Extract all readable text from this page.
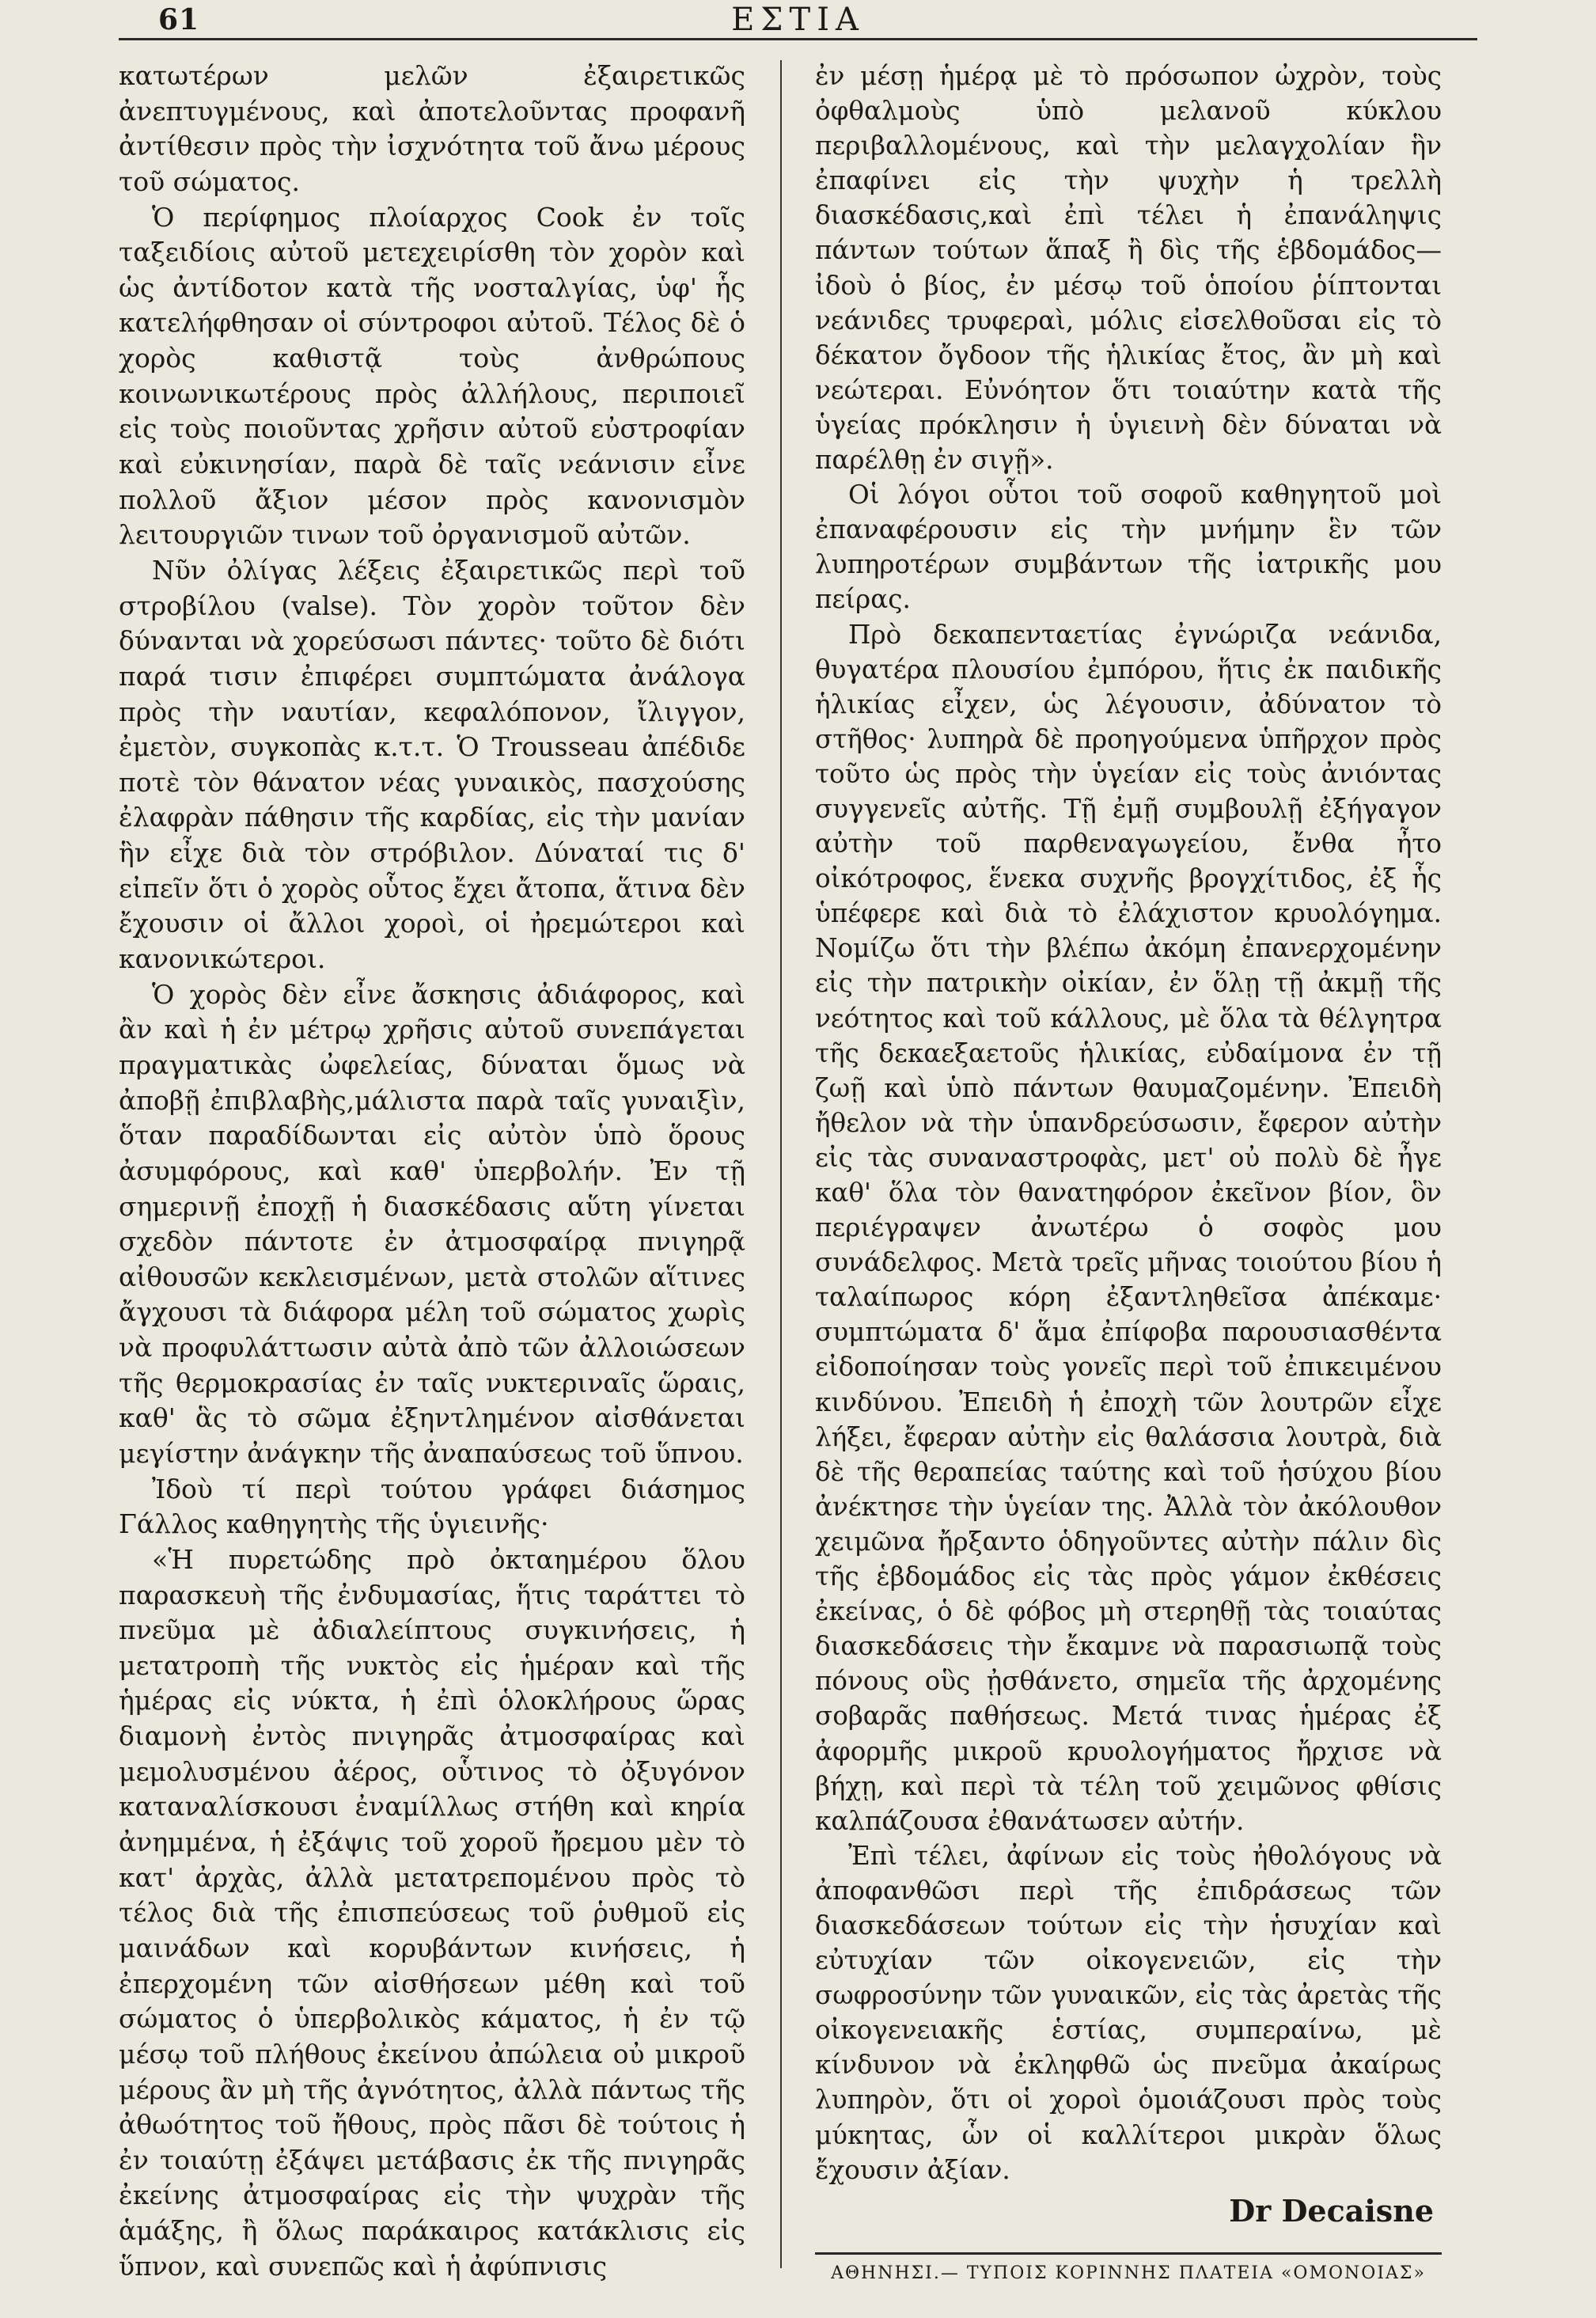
61	ΕΣΤΙΑ

κατωτέρων μελῶν ἐξαιρετικῶς ἀνεπτυγμένους, καὶ ἀποτελοῦντας προφανῆ ἀντίθεσιν πρὸς τὴν ἰσχνότητα τοῦ ἄνω μέρους τοῦ σώματος.

Ὁ περίφημος πλοίαρχος Cook ἐν τοῖς ταξειδίοις αὐτοῦ μετεχειρίσθη τὸν χορὸν καὶ ὡς ἀντίδοτον κατὰ τῆς νοσταλγίας, ὑφ' ἧς κατελήφθησαν οἱ σύντροφοι αὐτοῦ. Τέλος δὲ ὁ χορὸς καθιστᾷ τοὺς ἀνθρώπους κοινωνικωτέρους πρὸς ἀλλήλους, περιποιεῖ εἰς τοὺς ποιοῦντας χρῆσιν αὐτοῦ εὐστροφίαν καὶ εὐκινησίαν, παρὰ δὲ ταῖς νεάνισιν εἶνε πολλοῦ ἄξιον μέσον πρὸς κανονισμὸν λειτουργιῶν τινων τοῦ ὀργανισμοῦ αὐτῶν.

Νῦν ὀλίγας λέξεις ἐξαιρετικῶς περὶ τοῦ στροβίλου (valse). Τὸν χορὸν τοῦτον δὲν δύνανται νὰ χορεύσωσι πάντες· τοῦτο δὲ διότι παρά τισιν ἐπιφέρει συμπτώματα ἀνάλογα πρὸς τὴν ναυτίαν, κεφαλόπονον, ἴλιγγον, ἐμετὸν, συγκοπὰς κ.τ.τ. Ὁ Trousseau ἀπέδιδε ποτὲ τὸν θάνατον νέας γυναικὸς, πασχούσης ἐλαφρὰν πάθησιν τῆς καρδίας, εἰς τὴν μανίαν ἣν εἶχε διὰ τὸν στρόβιλον. Δύναταί τις δ' εἰπεῖν ὅτι ὁ χορὸς οὗτος ἔχει ἄτοπα, ἅτινα δὲν ἔχουσιν οἱ ἄλλοι χοροὶ, οἱ ἠρεμώτεροι καὶ κανονικώτεροι.

Ὁ χορὸς δὲν εἶνε ἄσκησις ἀδιάφορος, καὶ ἂν καὶ ἡ ἐν μέτρῳ χρῆσις αὐτοῦ συνεπάγεται πραγματικὰς ὠφελείας, δύναται ὅμως νὰ ἀποβῇ ἐπιβλαβὴς,μάλιστα παρὰ ταῖς γυναιξὶν, ὅταν παραδίδωνται εἰς αὐτὸν ὑπὸ ὅρους ἀσυμφόρους, καὶ καθ' ὑπερβολήν. Ἐν τῇ σημερινῇ ἐποχῇ ἡ διασκέδασις αὕτη γίνεται σχεδὸν πάντοτε ἐν ἀτμοσφαίρᾳ πνιγηρᾷ αἰθουσῶν κεκλεισμένων, μετὰ στολῶν αἵτινες ἄγχουσι τὰ διάφορα μέλη τοῦ σώματος χωρὶς νὰ προφυλάττωσιν αὐτὰ ἀπὸ τῶν ἀλλοιώσεων τῆς θερμοκρασίας ἐν ταῖς νυκτεριναῖς ὥραις, καθ' ἃς τὸ σῶμα ἐξηντλημένον αἰσθάνεται μεγίστην ἀνάγκην τῆς ἀναπαύσεως τοῦ ὕπνου.

Ἰδοὺ τί περὶ τούτου γράφει διάσημος Γάλλος καθηγητὴς τῆς ὑγιεινῆς·

«Ἡ πυρετώδης πρὸ ὀκταημέρου ὅλου παρασκευὴ τῆς ἐνδυμασίας, ἥτις ταράττει τὸ πνεῦμα μὲ ἀδιαλείπτους συγκινήσεις, ἡ μετατροπὴ τῆς νυκτὸς εἰς ἡμέραν καὶ τῆς ἡμέρας εἰς νύκτα, ἡ ἐπὶ ὁλοκλήρους ὥρας διαμονὴ ἐντὸς πνιγηρᾶς ἀτμοσφαίρας καὶ μεμολυσμένου ἀέρος, οὗτινος τὸ ὀξυγόνον καταναλίσκουσι ἐναμίλλως στήθη καὶ κηρία ἀνημμένα, ἡ ἐξάψις τοῦ χοροῦ ἤρεμου μὲν τὸ κατ' ἀρχὰς, ἀλλὰ μετατρεπομένου πρὸς τὸ τέλος διὰ τῆς ἐπισπεύσεως τοῦ ῥυθμοῦ εἰς μαινάδων καὶ κορυβάντων κινήσεις, ἡ ἐπερχομένη τῶν αἰσθήσεων μέθη καὶ τοῦ σώματος ὁ ὑπερβολικὸς κάματος, ἡ ἐν τῷ μέσῳ τοῦ πλήθους ἐκείνου ἀπώλεια οὐ μικροῦ μέρους ἂν μὴ τῆς ἀγνότητος, ἀλλὰ πάντως τῆς ἀθωότητος τοῦ ἤθους, πρὸς πᾶσι δὲ τούτοις ἡ ἐν τοιαύτῃ ἐξάψει μετάβασις ἐκ τῆς πνιγηρᾶς ἐκείνης ἀτμοσφαίρας εἰς τὴν ψυχρὰν τῆς ἁμάξης, ἢ ὅλως παράκαιρος κατάκλισις εἰς ὕπνον, καὶ συνεπῶς καὶ ἡ ἀφύπνισις

ἐν μέσῃ ἡμέρᾳ μὲ τὸ πρόσωπον ὠχρὸν, τοὺς ὀφθαλμοὺς ὑπὸ μελανοῦ κύκλου περιβαλλομένους, καὶ τὴν μελαγχολίαν ἣν ἐπαφίνει εἰς τὴν ψυχὴν ἡ τρελλὴ διασκέδασις,καὶ ἐπὶ τέλει ἡ ἐπανάληψις πάντων τούτων ἅπαξ ἢ δὶς τῆς ἑβδομάδος— ἰδοὺ ὁ βίος, ἐν μέσῳ τοῦ ὁποίου ῥίπτονται νεάνιδες τρυφεραὶ, μόλις εἰσελθοῦσαι εἰς τὸ δέκατον ὄγδοον τῆς ἡλικίας ἔτος, ἂν μὴ καὶ νεώτεραι. Εὐνόητον ὅτι τοιαύτην κατὰ τῆς ὑγείας πρόκλησιν ἡ ὑγιεινὴ δὲν δύναται νὰ παρέλθῃ ἐν σιγῇ».

Οἱ λόγοι οὗτοι τοῦ σοφοῦ καθηγητοῦ μοὶ ἐπαναφέρουσιν εἰς τὴν μνήμην ἓν τῶν λυπηροτέρων συμβάντων τῆς ἰατρικῆς μου πείρας.

Πρὸ δεκαπενταετίας ἐγνώριζα νεάνιδα, θυγατέρα πλουσίου ἐμπόρου, ἥτις ἐκ παιδικῆς ἡλικίας εἶχεν, ὡς λέγουσιν, ἀδύνατον τὸ στῆθος· λυπηρὰ δὲ προηγούμενα ὑπῆρχον πρὸς τοῦτο ὡς πρὸς τὴν ὑγείαν εἰς τοὺς ἀνιόντας συγγενεῖς αὐτῆς. Τῇ ἐμῇ συμβουλῇ ἐξήγαγον αὐτὴν τοῦ παρθεναγωγείου, ἔνθα ἦτο οἰκότροφος, ἕνεκα συχνῆς βρογχίτιδος, ἐξ ἧς ὑπέφερε καὶ διὰ τὸ ἐλάχιστον κρυολόγημα. Νομίζω ὅτι τὴν βλέπω ἀκόμη ἐπανερχομένην εἰς τὴν πατρικὴν οἰκίαν, ἐν ὅλῃ τῇ ἀκμῇ τῆς νεότητος καὶ τοῦ κάλλους, μὲ ὅλα τὰ θέλγητρα τῆς δεκαεξαετοῦς ἡλικίας, εὐδαίμονα ἐν τῇ ζωῇ καὶ ὑπὸ πάντων θαυμαζομένην. Ἐπειδὴ ἤθελον νὰ τὴν ὑπανδρεύσωσιν, ἔφερον αὐτὴν εἰς τὰς συναναστροφὰς, μετ' οὐ πολὺ δὲ ἦγε καθ' ὅλα τὸν θανατηφόρον ἐκεῖνον βίον, ὃν περιέγραψεν ἀνωτέρω ὁ σοφὸς μου συνάδελφος. Μετὰ τρεῖς μῆνας τοιούτου βίου ἡ ταλαίπωρος κόρη ἐξαντληθεῖσα ἀπέκαμε· συμπτώματα δ' ἅμα ἐπίφοβα παρουσιασθέντα εἰδοποίησαν τοὺς γονεῖς περὶ τοῦ ἐπικειμένου κινδύνου. Ἐπειδὴ ἡ ἐποχὴ τῶν λουτρῶν εἶχε λήξει, ἔφεραν αὐτὴν εἰς θαλάσσια λουτρὰ, διὰ δὲ τῆς θεραπείας ταύτης καὶ τοῦ ἡσύχου βίου ἀνέκτησε τὴν ὑγείαν της. Ἀλλὰ τὸν ἀκόλουθον χειμῶνα ἤρξαντο ὁδηγοῦντες αὐτὴν πάλιν δὶς τῆς ἑβδομάδος εἰς τὰς πρὸς γάμον ἐκθέσεις ἐκείνας, ὁ δὲ φόβος μὴ στερηθῇ τὰς τοιαύτας διασκεδάσεις τὴν ἔκαμνε νὰ παρασιωπᾷ τοὺς πόνους οὓς ᾐσθάνετο, σημεῖα τῆς ἀρχομένης σοβαρᾶς παθήσεως. Μετά τινας ἡμέρας ἐξ ἀφορμῆς μικροῦ κρυολογήματος ἤρχισε νὰ βήχῃ, καὶ περὶ τὰ τέλη τοῦ χειμῶνος φθίσις καλπάζουσα ἐθανάτωσεν αὐτήν.

Ἐπὶ τέλει, ἀφίνων εἰς τοὺς ἠθολόγους νὰ ἀποφανθῶσι περὶ τῆς ἐπιδράσεως τῶν διασκεδάσεων τούτων εἰς τὴν ἡσυχίαν καὶ εὐτυχίαν τῶν οἰκογενειῶν, εἰς τὴν σωφροσύνην τῶν γυναικῶν, εἰς τὰς ἀρετὰς τῆς οἰκογενειακῆς ἑστίας, συμπεραίνω, μὲ κίνδυνον νὰ ἐκληφθῶ ὡς πνεῦμα ἀκαίρως λυπηρὸν, ὅτι οἱ χοροὶ ὁμοιάζουσι πρὸς τοὺς μύκητας, ὧν οἱ καλλίτεροι μικρὰν ὅλως ἔχουσιν ἀξίαν.

Dr Decaisne
ΑΘΗΝΗΣΙ.— ΤΥΠΟΙΣ ΚΟΡΙΝΝΗΣ ΠΛΑΤΕΙΑ «ΟΜΟΝΟΙΑΣ»
